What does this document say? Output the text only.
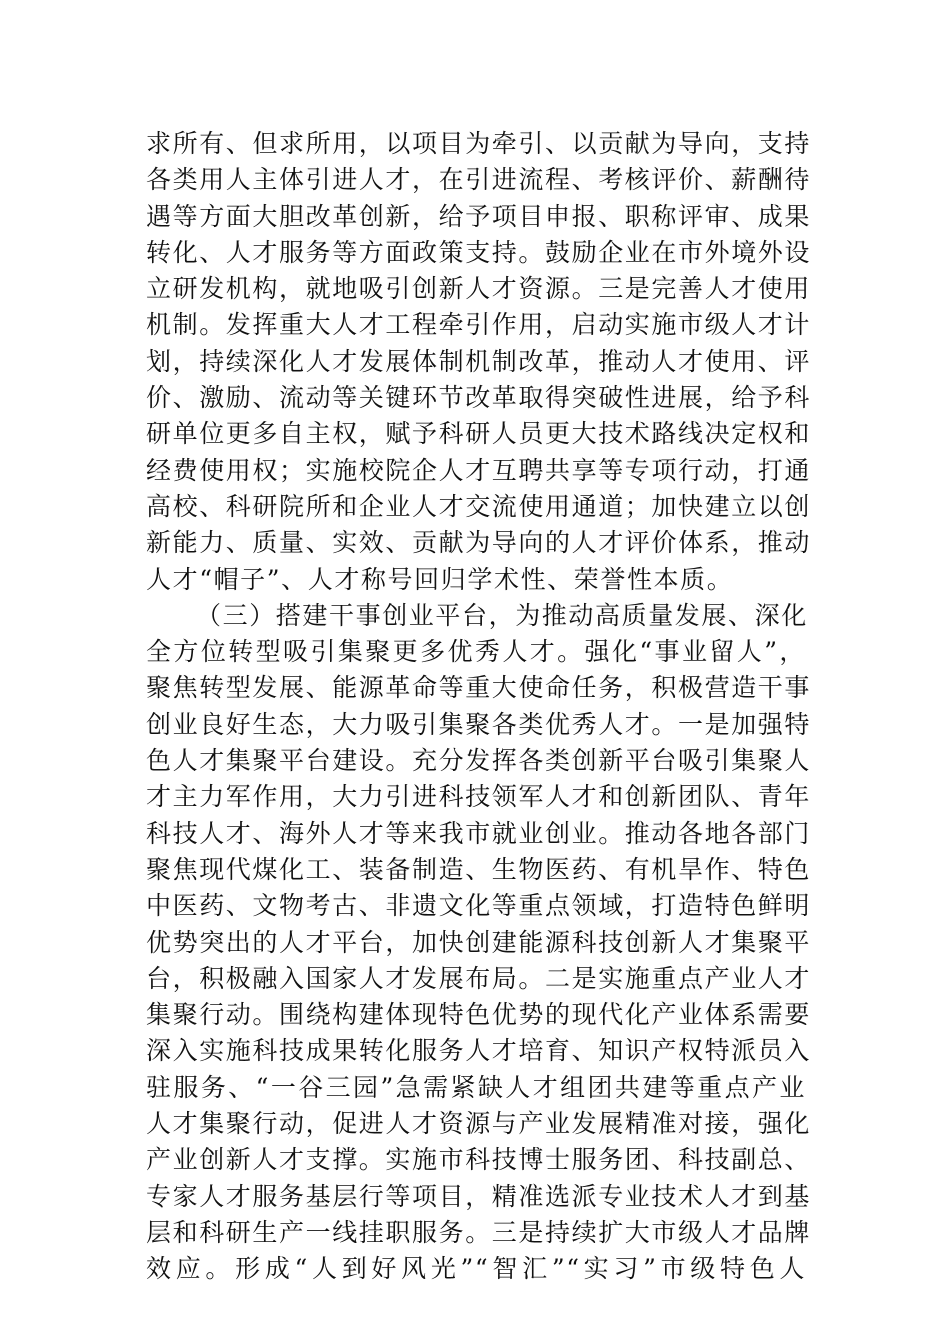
求所有、但求所用，以项目为牵引、以贡献为导向，支持
各类用人主体引进人才，在引进流程、考核评价、薪酬待
遇等方面大胆改革创新，给予项目申报、职称评审、成果
转化、人才服务等方面政策支持。鼓励企业在市外境外设
立研发机构，就地吸引创新人才资源。三是完善人才使用
机制。发挥重大人才工程牵引作用，启动实施市级人才计
划，持续深化人才发展体制机制改革，推动人才使用、评
价、激励、流动等关键环节改革取得突破性进展，给予科
研单位更多自主权，赋予科研人员更大技术路线决定权和
经费使用权；实施校院企人才互聘共享等专项行动，打通
高校、科研院所和企业人才交流使用通道；加快建立以创
新能力、质量、实效、贡献为导向的人才评价体系，推动
人才“帽子”、人才称号回归学术性、荣誉性本质。
（三）搭建干事创业平台，为推动高质量发展、深化
全方位转型吸引集聚更多优秀人才。强化“事业留人”，
聚焦转型发展、能源革命等重大使命任务，积极营造干事
创业良好生态，大力吸引集聚各类优秀人才。一是加强特
色人才集聚平台建设。充分发挥各类创新平台吸引集聚人
才主力军作用，大力引进科技领军人才和创新团队、青年
科技人才、海外人才等来我市就业创业。推动各地各部门
聚焦现代煤化工、装备制造、生物医药、有机旱作、特色
中医药、文物考古、非遗文化等重点领域，打造特色鲜明
优势突出的人才平台，加快创建能源科技创新人才集聚平
台，积极融入国家人才发展布局。二是实施重点产业人才
集聚行动。围绕构建体现特色优势的现代化产业体系需要
深入实施科技成果转化服务人才培育、知识产权特派员入
驻服务、“一谷三园”急需紧缺人才组团共建等重点产业
人才集聚行动，促进人才资源与产业发展精准对接，强化
产业创新人才支撑。实施市科技博士服务团、科技副总、
专家人才服务基层行等项目，精准选派专业技术人才到基
层和科研生产一线挂职服务。三是持续扩大市级人才品牌
效应。形成“人到好风光”“智汇”“实习”市级特色人
